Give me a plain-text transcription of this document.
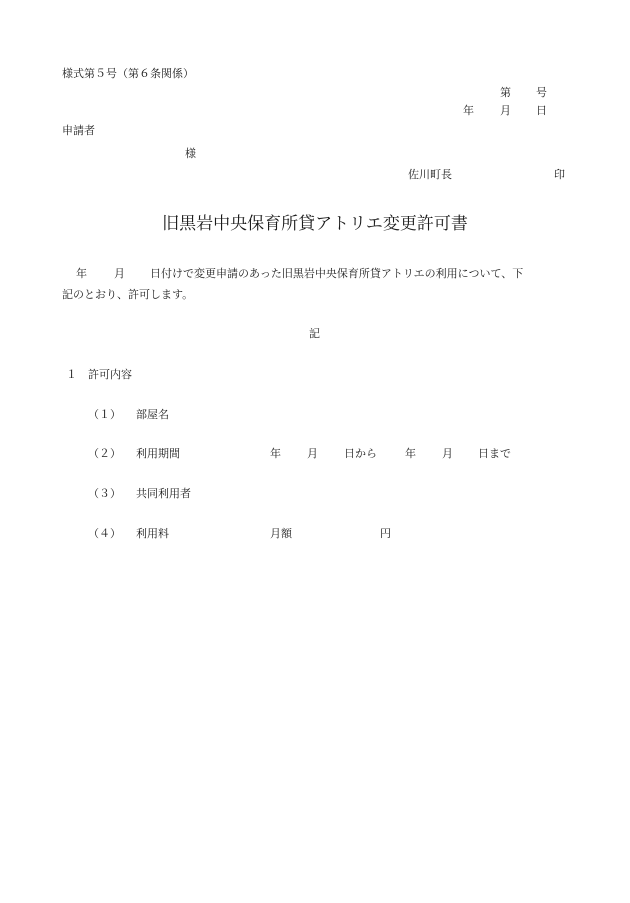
様式第５号（第６条関係）
第 号
年 月 日
申請者
様
佐川町長	印
旧黒岩中央保育所貸アトリエ変更許可書
年 月 日付けで変更申請のあった旧黒岩中央保育所貸アトリエの利用について、下
記のとおり、許可します。
記
１ 許可内容
（１） 部屋名
（２） 利用期間	年 月 日から	年 月 日まで
（３） 共同利用者
（４） 利用料	月額	円
